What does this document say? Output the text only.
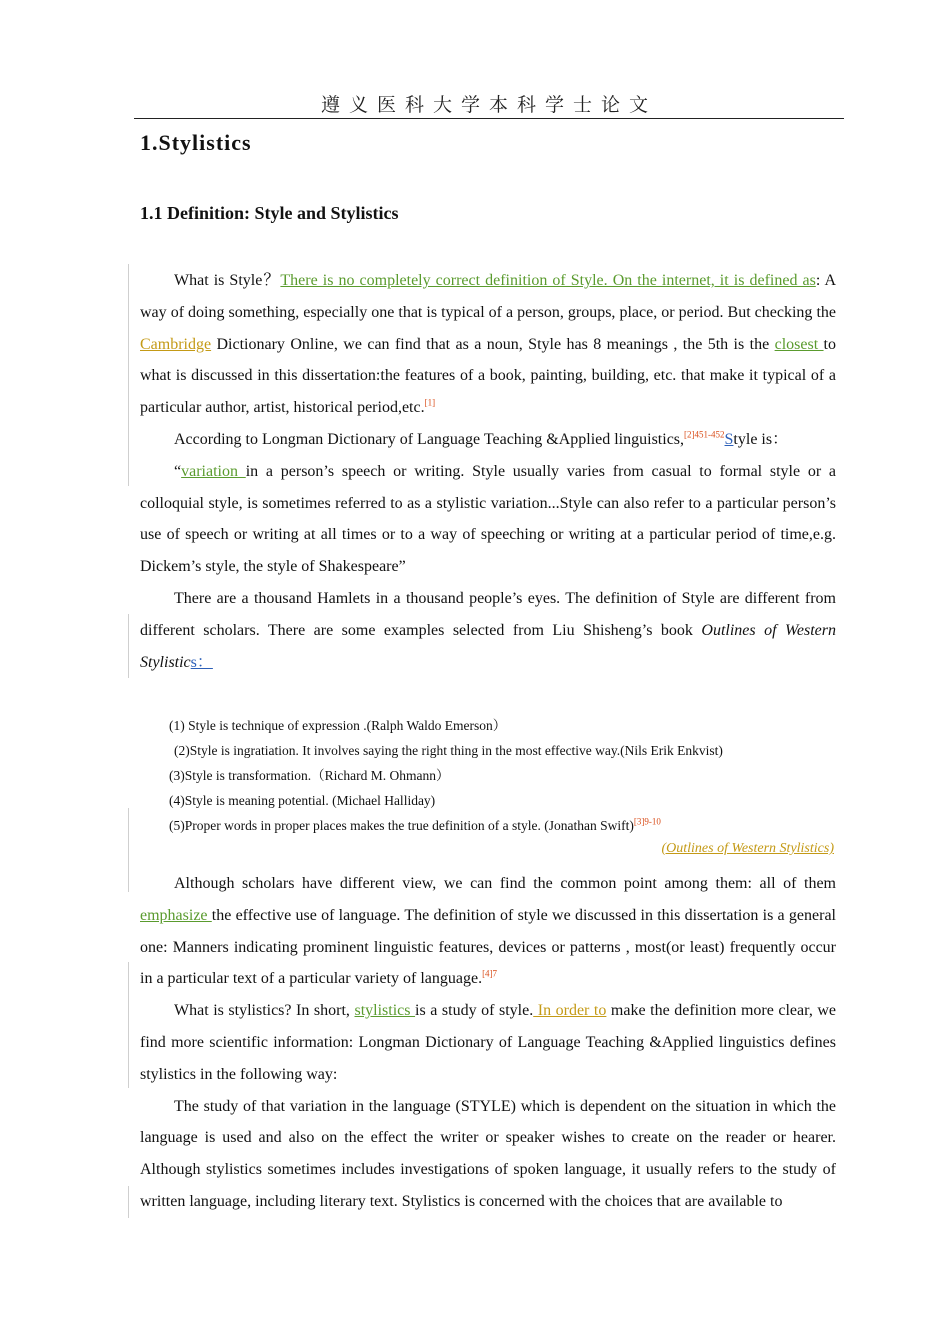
遵义医科大学本科学士论文
1.Stylistics
1.1 Definition: Style and Stylistics

What is Style？There is no completely correct definition of Style. On the internet, it is defined as: A way of doing something, especially one that is typical of a person, groups, place, or period. But checking the Cambridge Dictionary Online, we can find that as a noun, Style has 8 meanings , the 5th is the closest to what is discussed in this dissertation:the features of a book, painting, building, etc. that make it typical of a particular author, artist, historical period,etc.[1]

According to Longman Dictionary of Language Teaching &Applied linguistics,$^{[2]451-452}$Style is：

“variation in a person’s speech or writing. Style usually varies from casual to formal style or a colloquial style, is sometimes referred to as a stylistic variation...Style can also refer to a particular person’s use of speech or writing at all times or to a way of speeching or writing at a particular period of time,e.g. Dickem’s style, the style of Shakespeare”

There are a thousand Hamlets in a thousand people’s eyes. The definition of Style are different from different scholars. There are some examples selected from Liu Shisheng’s book Outlines of Western Stylistics：

(1) Style is technique of expression .(Ralph Waldo Emerson）
(2)Style is ingratiation. It involves saying the right thing in the most effective way.(Nils Erik Enkvist)
(3)Style is transformation.（Richard M. Ohmann）
(4)Style is meaning potential. (Michael Halliday)
(5)Proper words in proper places makes the true definition of a style. (Jonathan Swift)$^{[3]9-10}$
(Outlines of Western Stylistics)

Although scholars have different view, we can find the common point among them: all of them emphasize the effective use of language. The definition of style we discussed in this dissertation is a general one: Manners indicating prominent linguistic features, devices or patterns , most(or least) frequently occur in a particular text of a particular variety of language.$^{[4]7}$

What is stylistics? In short, stylistics is a study of style. In order to make the definition more clear, we find more scientific information: Longman Dictionary of Language Teaching &Applied linguistics defines stylistics in the following way:

The study of that variation in the language (STYLE) which is dependent on the situation in which the language is used and also on the effect the writer or speaker wishes to create on the reader or hearer. Although stylistics sometimes includes investigations of spoken language, it usually refers to the study of written language, including literary text. Stylistics is concerned with the choices that are available to
